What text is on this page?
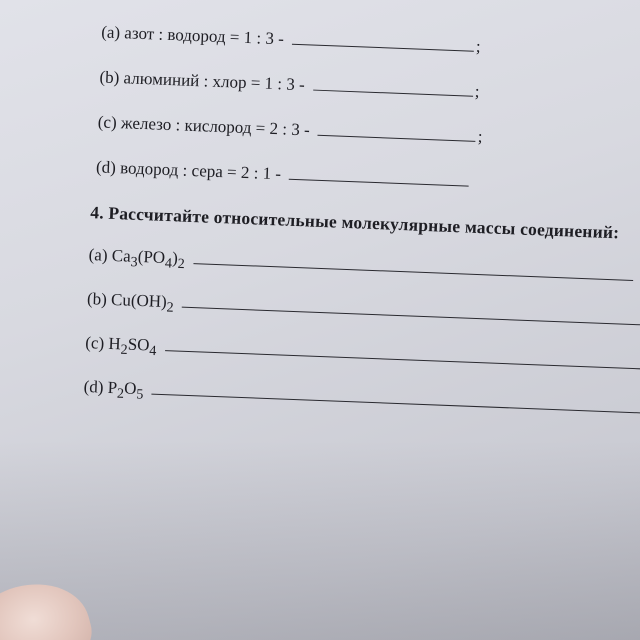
(a) азот : водород = 1 : 3 -	;
(b) алюминий : хлор = 1 : 3 -	;
(c) железо : кислород = 2 : 3 -	;
(d) водород : сера = 2 : 1 -
4. Рассчитайте относительные молекулярные массы соединений:
(a) $Ca_3(PO_4)_2$
(b) $Cu(OH)_2$
(c) $H_2SO_4$
(d) $P_2O_5$
